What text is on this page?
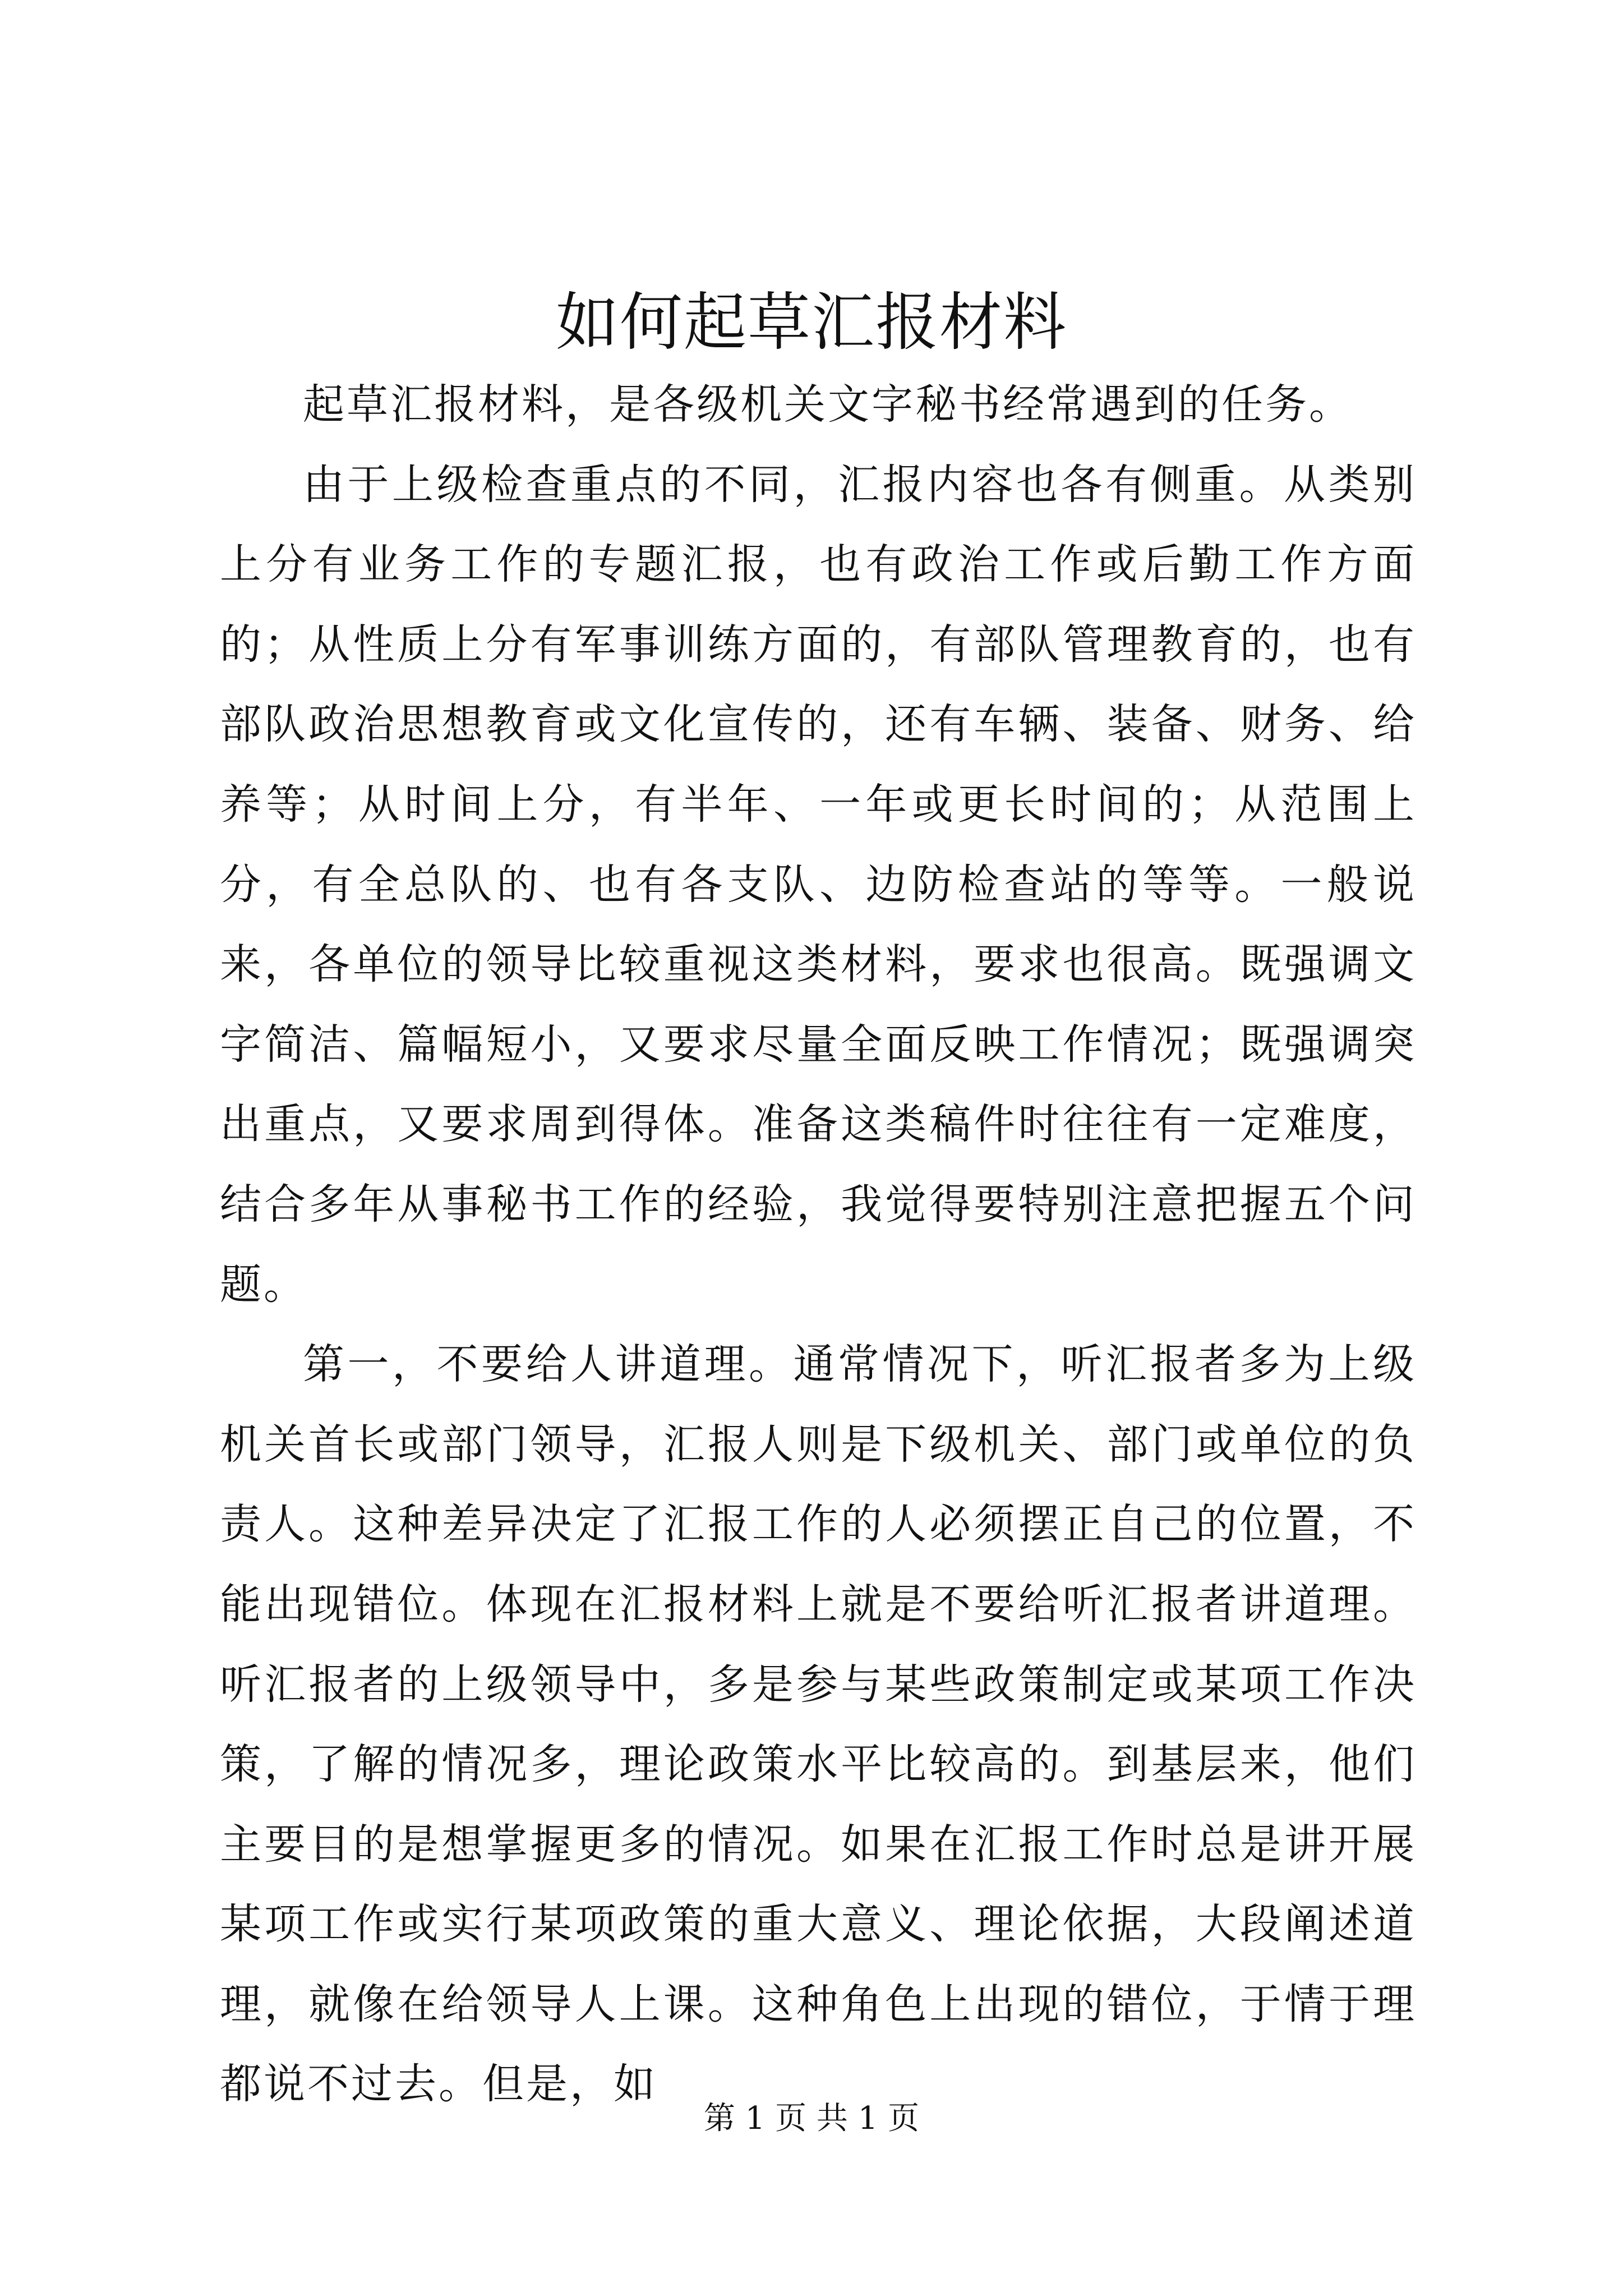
如何起草汇报材料

起草汇报材料，是各级机关文字秘书经常遇到的任务。

由于上级检查重点的不同，汇报内容也各有侧重。从类别上分有业务工作的专题汇报，也有政治工作或后勤工作方面的；从性质上分有军事训练方面的，有部队管理教育的，也有部队政治思想教育或文化宣传的，还有车辆、装备、财务、给养等；从时间上分，有半年、一年或更长时间的；从范围上分，有全总队的、也有各支队、边防检查站的等等。一般说来，各单位的领导比较重视这类材料，要求也很高。既强调文字简洁、篇幅短小，又要求尽量全面反映工作情况；既强调突出重点，又要求周到得体。准备这类稿件时往往有一定难度，结合多年从事秘书工作的经验，我觉得要特别注意把握五个问题。

第一，不要给人讲道理。通常情况下，听汇报者多为上级机关首长或部门领导，汇报人则是下级机关、部门或单位的负责人。这种差异决定了汇报工作的人必须摆正自己的位置，不能出现错位。体现在汇报材料上就是不要给听汇报者讲道理。听汇报者的上级领导中，多是参与某些政策制定或某项工作决策，了解的情况多，理论政策水平比较高的。到基层来，他们主要目的是想掌握更多的情况。如果在汇报工作时总是讲开展某项工作或实行某项政策的重大意义、理论依据，大段阐述道理，就像在给领导人上课。这种角色上出现的错位，于情于理都说不过去。但是，如

第 1 页 共 1 页
